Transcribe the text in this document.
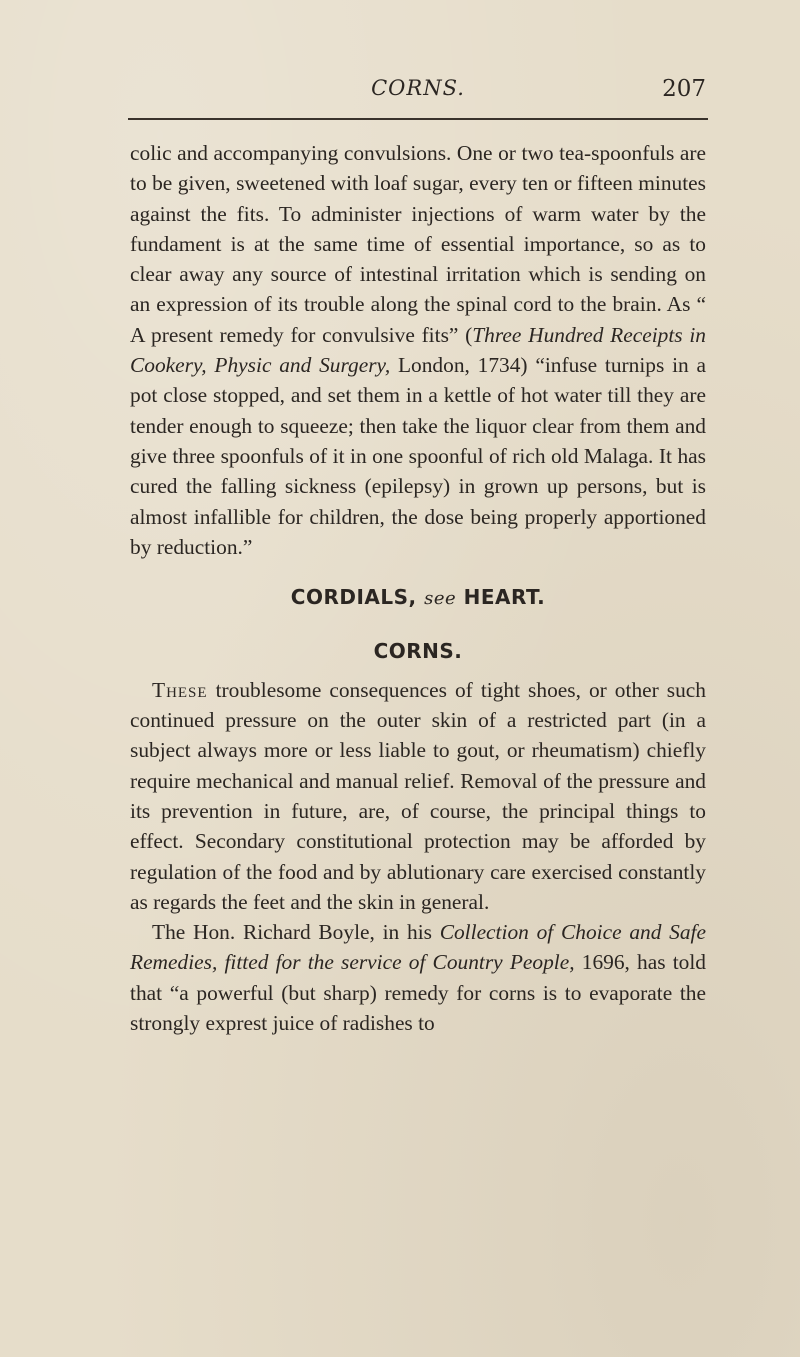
CORNS.	207

colic and accompanying convulsions. One or two tea-spoonfuls are to be given, sweetened with loaf sugar, every ten or fifteen minutes against the fits. To administer injections of warm water by the fundament is at the same time of essential importance, so as to clear away any source of intestinal irritation which is sending on an expression of its trouble along the spinal cord to the brain. As “ A present remedy for convulsive fits” (Three Hundred Receipts in Cookery, Physic and Surgery, London, 1734) “infuse turnips in a pot close stopped, and set them in a kettle of hot water till they are tender enough to squeeze; then take the liquor clear from them and give three spoonfuls of it in one spoonful of rich old Malaga. It has cured the falling sickness (epilepsy) in grown up persons, but is almost infallible for children, the dose being properly apportioned by reduction.”

CORDIALS, see HEART.
CORNS.

These troublesome consequences of tight shoes, or other such continued pressure on the outer skin of a restricted part (in a subject always more or less liable to gout, or rheumatism) chiefly require mechanical and manual relief. Removal of the pressure and its prevention in future, are, of course, the principal things to effect. Secondary constitutional protection may be afforded by regulation of the food and by ablutionary care exercised constantly as regards the feet and the skin in general.

The Hon. Richard Boyle, in his Collection of Choice and Safe Remedies, fitted for the service of Country People, 1696, has told that “a powerful (but sharp) remedy for corns is to evaporate the strongly exprest juice of radishes to
